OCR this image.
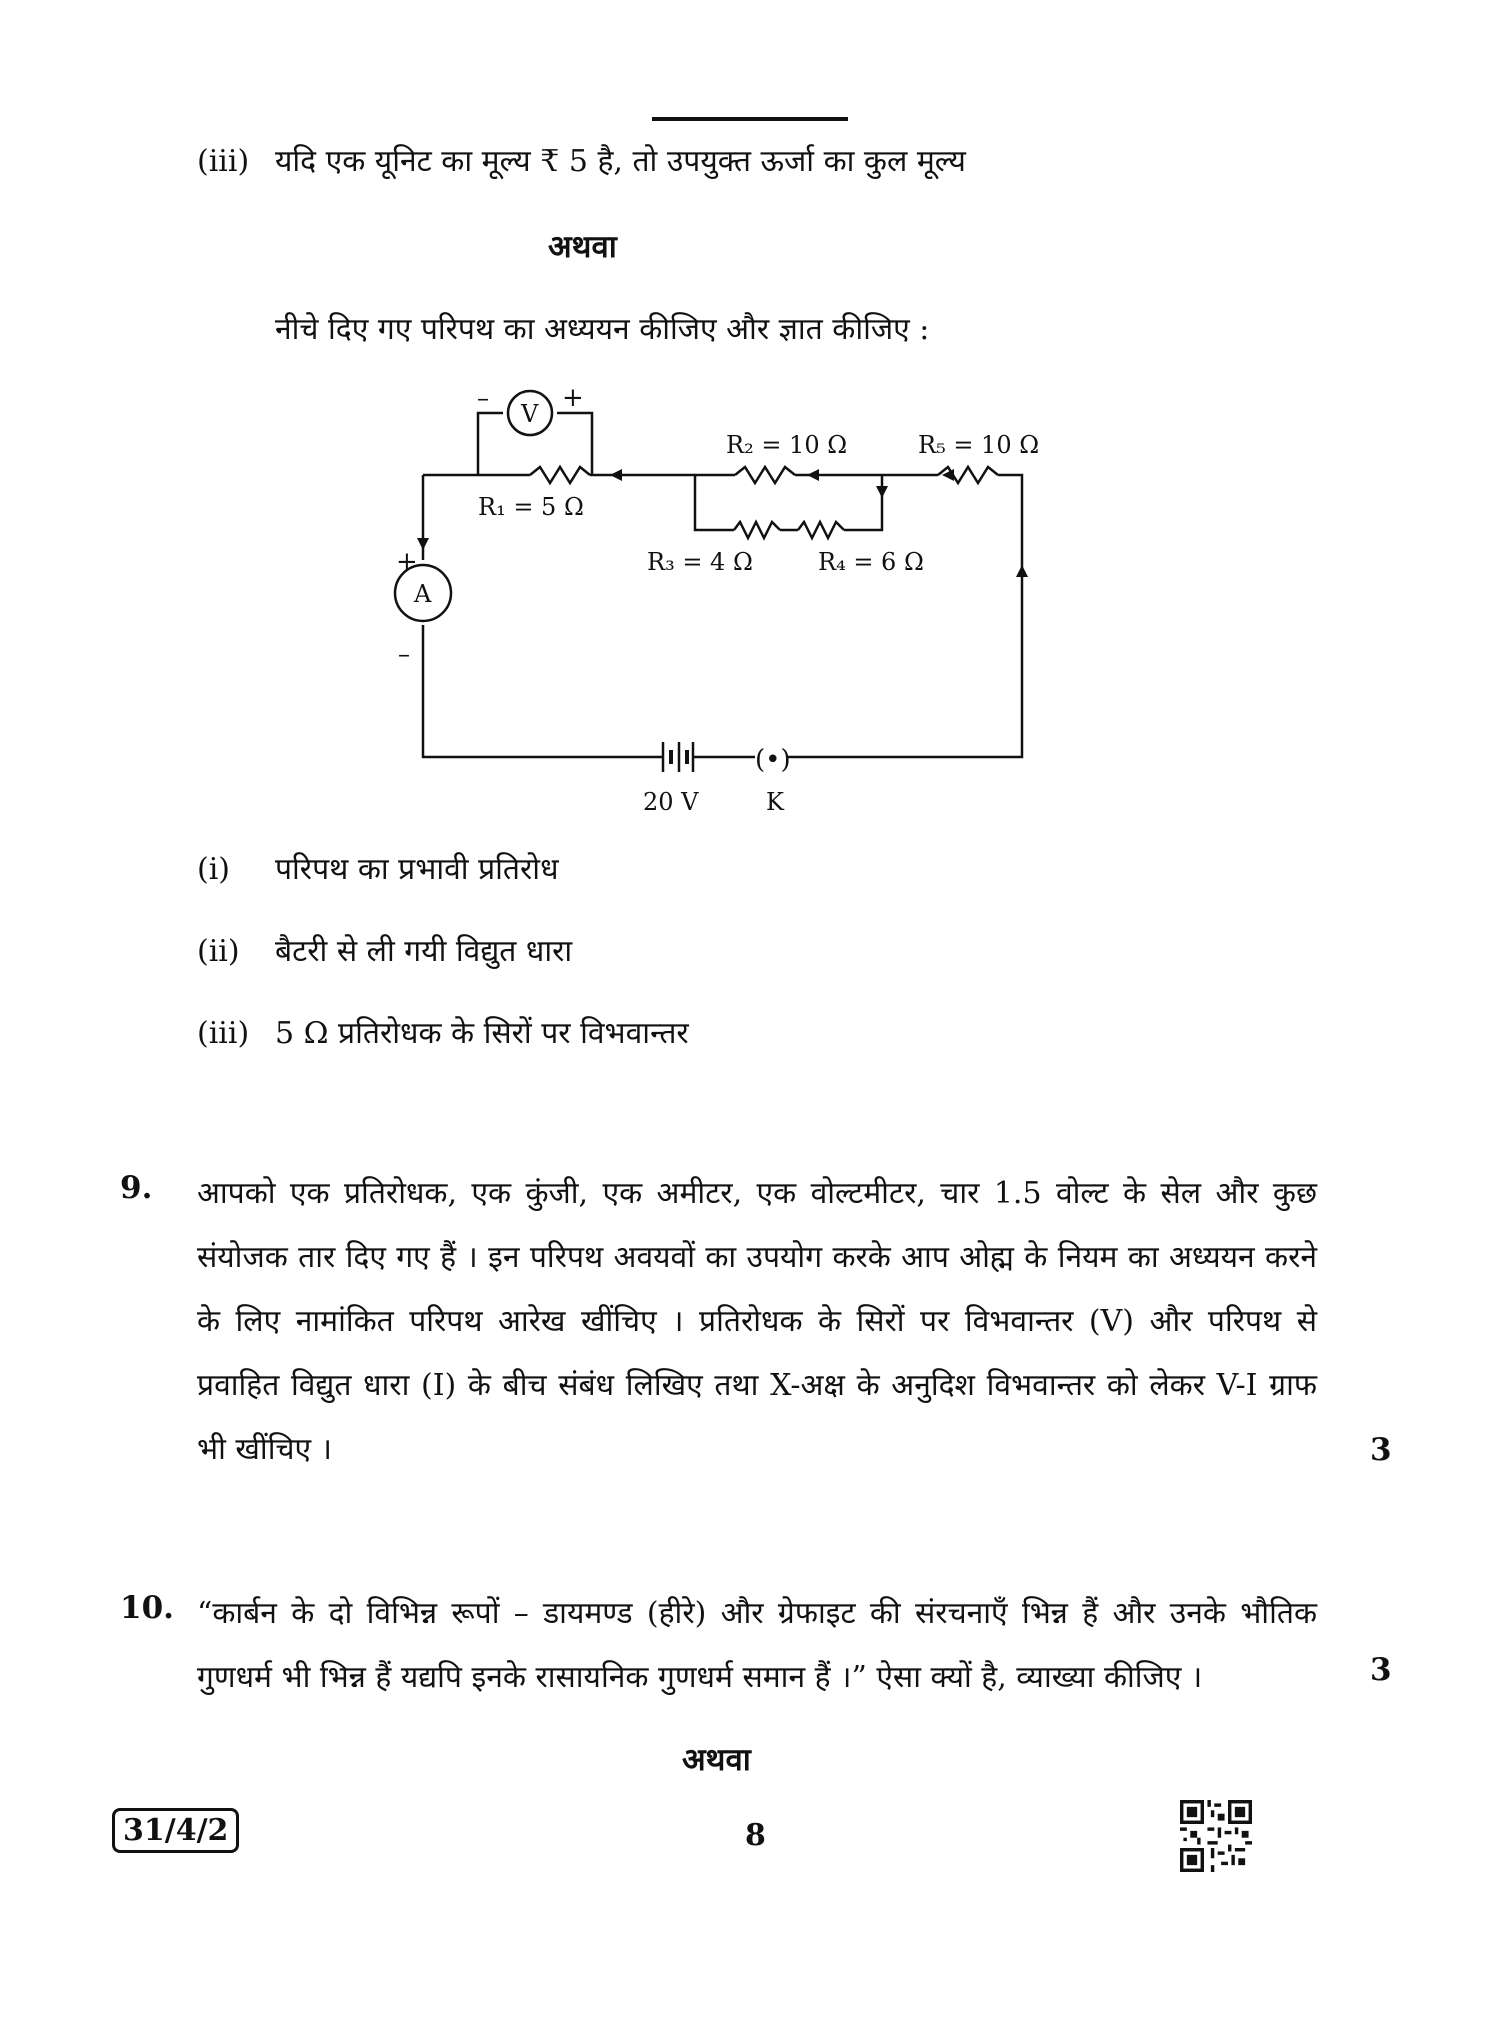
(iii) यदि एक यूनिट का मूल्य ₹ 5 है, तो उपयुक्त ऊर्जा का कुल मूल्य
अथवा
नीचे दिए गए परिपथ का अध्ययन कीजिए और ज्ञात कीजिए :
(•)
V
A
–	+
+
–
R₁ = 5 Ω
R₂ = 10 Ω	R₅ = 10 Ω
R₃ = 4 Ω	R₄ = 6 Ω
20 V	K
(i) परिपथ का प्रभावी प्रतिरोध
(ii) बैटरी से ली गयी विद्युत धारा
(iii) 5 Ω प्रतिरोधक के सिरों पर विभवान्तर
9. आपको एक प्रतिरोधक, एक कुंजी, एक अमीटर, एक वोल्टमीटर, चार 1.5 वोल्ट के सेल और कुछ
संयोजक तार दिए गए हैं । इन परिपथ अवयवों का उपयोग करके आप ओह्म के नियम का अध्ययन करने
के लिए नामांकित परिपथ आरेख खींचिए । प्रतिरोधक के सिरों पर विभवान्तर (V) और परिपथ से
प्रवाहित विद्युत धारा (I) के बीच संबंध लिखिए तथा X-अक्ष के अनुदिश विभवान्तर को लेकर V-I ग्राफ
भी खींचिए ।	3
10. “कार्बन के दो विभिन्न रूपों – डायमण्ड (हीरे) और ग्रेफाइट की संरचनाएँ भिन्न हैं और उनके भौतिक
गुणधर्म भी भिन्न हैं यद्यपि इनके रासायनिक गुणधर्म समान हैं ।” ऐसा क्यों है, व्याख्या कीजिए ।	3
अथवा
31/4/2	8
